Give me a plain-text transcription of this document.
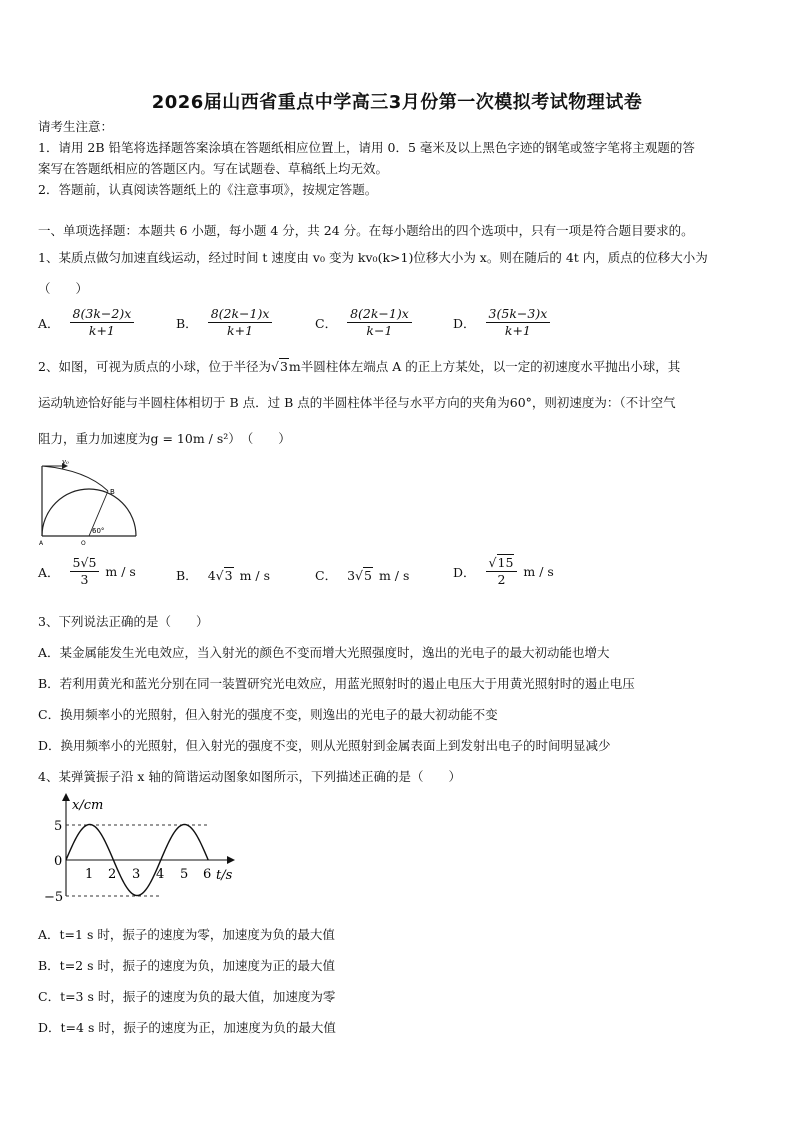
2026届山西省重点中学高三3月份第一次模拟考试物理试卷
请考生注意：
1．请用 2B 铅笔将选择题答案涂填在答题纸相应位置上，请用 0．5 毫米及以上黑色字迹的钢笔或签字笔将主观题的答
案写在答题纸相应的答题区内。写在试题卷、草稿纸上均无效。
2．答题前，认真阅读答题纸上的《注意事项》，按规定答题。
一、单项选择题：本题共 6 小题，每小题 4 分，共 24 分。在每小题给出的四个选项中，只有一项是符合题目要求的。
1、某质点做匀加速直线运动，经过时间 t 速度由 v₀ 变为 kv₀(k>1)位移大小为 x。则在随后的 4t 内，质点的位移大小为
（　　）
A． $\frac{8(3k-2)x}{k+1}$	B． $\frac{8(2k-1)x}{k+1}$	C． $\frac{8(2k-1)x}{k-1}$	D． $\frac{3(5k-3)x}{k+1}$
2、如图，可视为质点的小球，位于半径为√3m半圆柱体左端点 A 的正上方某处，以一定的初速度水平抛出小球，其
运动轨迹恰好能与半圆柱体相切于 B 点．过 B 点的半圆柱体半径与水平方向的夹角为60°，则初速度为：（不计空气
阻力，重力加速度为g = 10m / s²）　（　　）
v₀
B
60°
A	O
A． $\frac{5√5}{3}$ m / s	B． 4 √ 3 m / s	C． 3 √ 5 m / s	D． $\frac{√15}{2}$ m / s
3、下列说法正确的是（　　）
A．某金属能发生光电效应，当入射光的颜色不变而增大光照强度时，逸出的光电子的最大初动能也增大
B．若利用黄光和蓝光分别在同一装置研究光电效应，用蓝光照射时的遏止电压大于用黄光照射时的遏止电压
C．换用频率小的光照射，但入射光的强度不变，则逸出的光电子的最大初动能不变
D．换用频率小的光照射，但入射光的强度不变，则从光照射到金属表面上到发射出电子的时间明显减少
4、某弹簧振子沿 x 轴的简谐运动图象如图所示，下列描述正确的是（　　）
x/cm
t/s
5
0
−5
1 2 3 4 5 6
A．t=1 s 时，振子的速度为零，加速度为负的最大值
B．t=2 s 时，振子的速度为负，加速度为正的最大值
C．t=3 s 时，振子的速度为负的最大值，加速度为零
D．t=4 s 时，振子的速度为正，加速度为负的最大值
